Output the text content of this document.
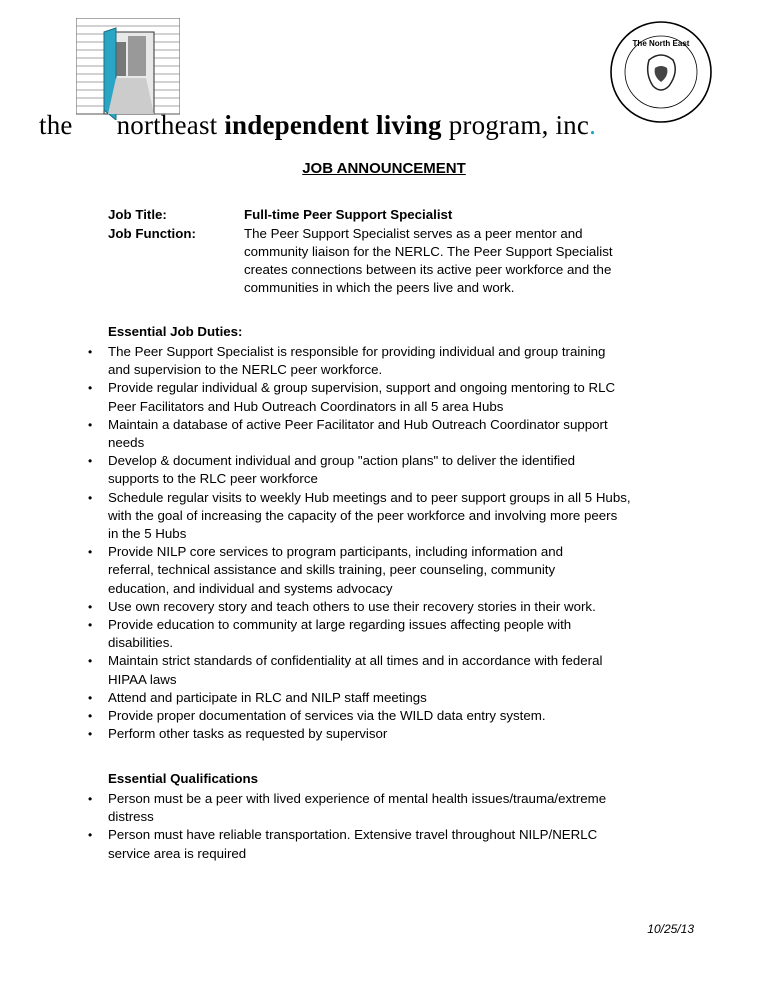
The North East
the northeast independent living program, inc.
JOB ANNOUNCEMENT
Job Title:	Full-time Peer Support Specialist
Job Function:	The Peer Support Specialist serves as a peer mentor and
community liaison for the NERLC. The Peer Support Specialist
creates connections between its active peer workforce and the
communities in which the peers live and work.
Essential Job Duties:
• The Peer Support Specialist is responsible for providing individual and group training
and supervision to the NERLC peer workforce.
• Provide regular individual & group supervision, support and ongoing mentoring to RLC
Peer Facilitators and Hub Outreach Coordinators in all 5 area Hubs
• Maintain a database of active Peer Facilitator and Hub Outreach Coordinator support
needs
• Develop & document individual and group "action plans" to deliver the identified
supports to the RLC peer workforce
• Schedule regular visits to weekly Hub meetings and to peer support groups in all 5 Hubs,
with the goal of increasing the capacity of the peer workforce and involving more peers
in the 5 Hubs
• Provide NILP core services to program participants, including information and
referral, technical assistance and skills training, peer counseling, community
education, and individual and systems advocacy
• Use own recovery story and teach others to use their recovery stories in their work.
• Provide education to community at large regarding issues affecting people with
disabilities.
• Maintain strict standards of confidentiality at all times and in accordance with federal
HIPAA laws
• Attend and participate in RLC and NILP staff meetings
• Provide proper documentation of services via the WILD data entry system.
• Perform other tasks as requested by supervisor
Essential Qualifications
• Person must be a peer with lived experience of mental health issues/trauma/extreme
distress
• Person must have reliable transportation. Extensive travel throughout NILP/NERLC
service area is required
10/25/13
